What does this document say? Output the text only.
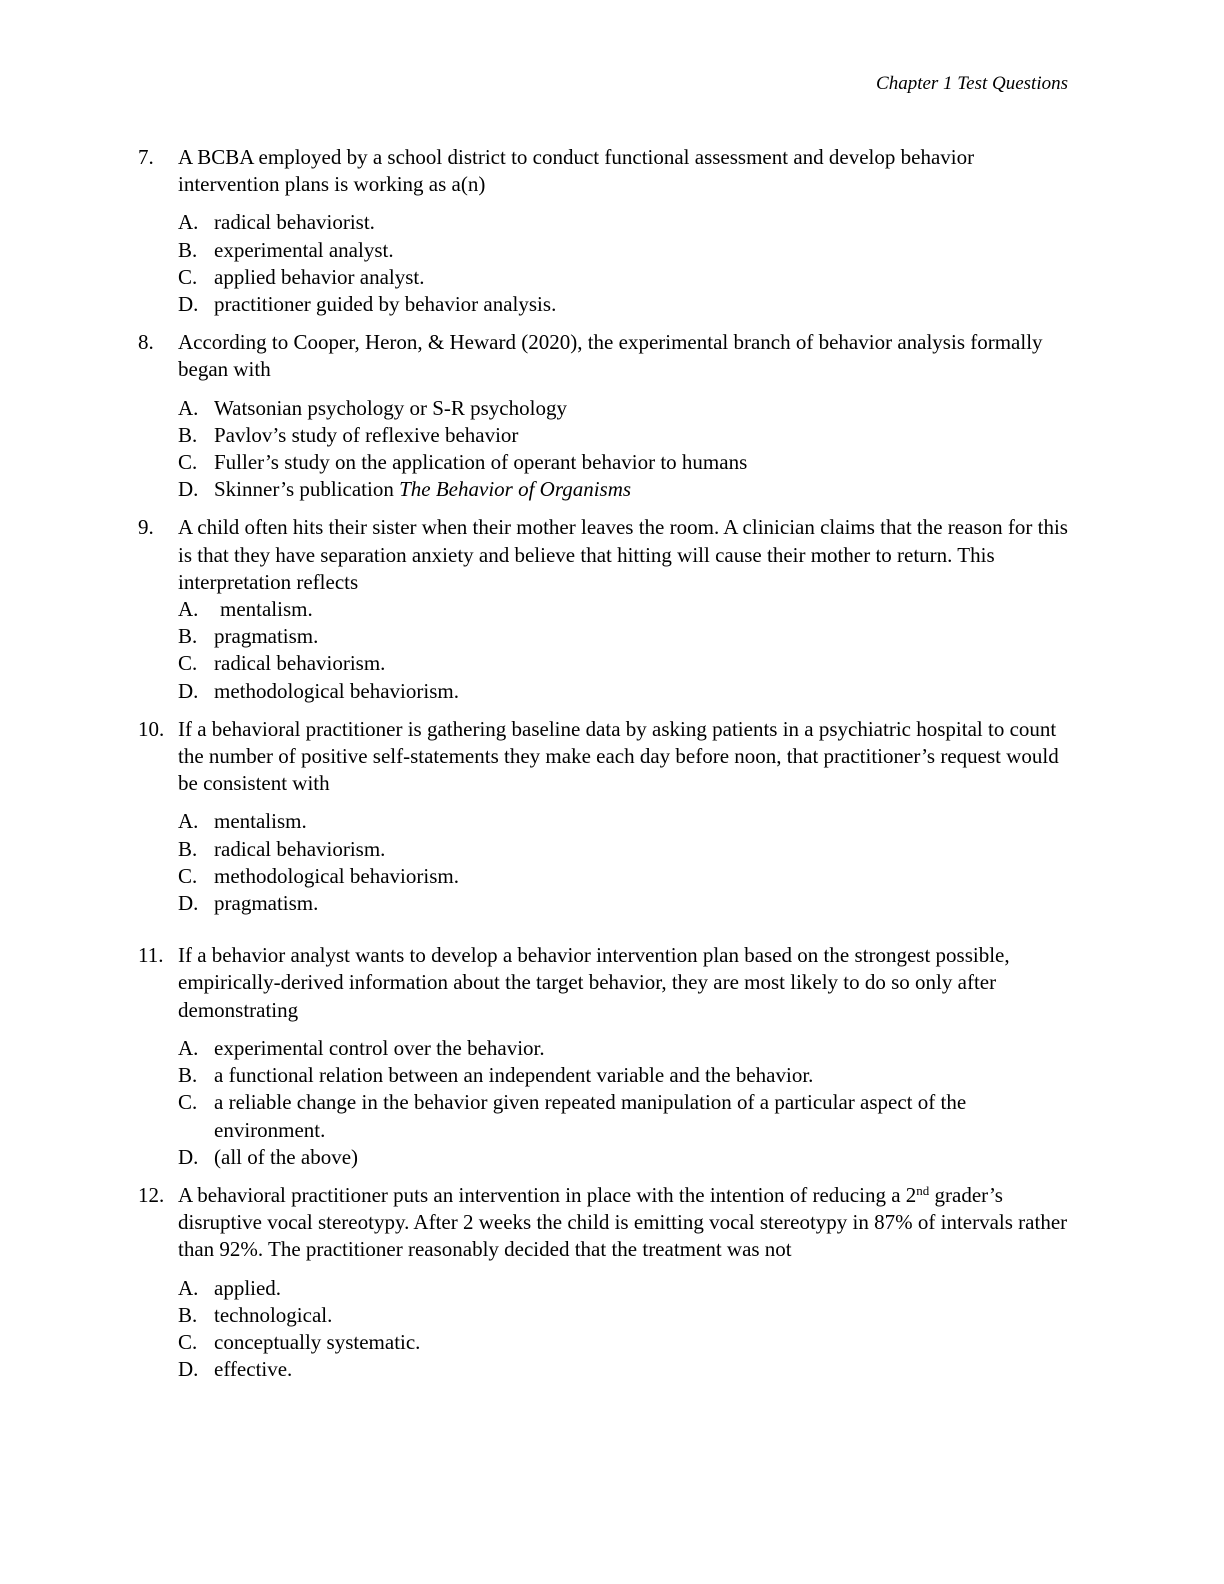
Chapter 1 Test Questions
7.	A BCBA employed by a school district to conduct functional assessment and develop behavior intervention plans is working as a(n)
A. radical behaviorist.
B. experimental analyst.
C. applied behavior analyst.
D. practitioner guided by behavior analysis.
8.	According to Cooper, Heron, & Heward (2020), the experimental branch of behavior analysis formally began with
A. Watsonian psychology or S-R psychology
B. Pavlov’s study of reflexive behavior
C. Fuller’s study on the application of operant behavior to humans
D. Skinner’s publication The Behavior of Organisms
9.	A child often hits their sister when their mother leaves the room. A clinician claims that the reason for this is that they have separation anxiety and believe that hitting will cause their mother to return. This interpretation reflects
A.	mentalism.
B. pragmatism.
C. radical behaviorism.
D. methodological behaviorism.
10. If a behavioral practitioner is gathering baseline data by asking patients in a psychiatric hospital to count the number of positive self-statements they make each day before noon, that practitioner’s request would be consistent with
A. mentalism.
B. radical behaviorism.
C. methodological behaviorism.
D. pragmatism.
11. If a behavior analyst wants to develop a behavior intervention plan based on the strongest possible, empirically-derived information about the target behavior, they are most likely to do so only after demonstrating
A. experimental control over the behavior.
B. a functional relation between an independent variable and the behavior.
C. a reliable change in the behavior given repeated manipulation of a particular aspect of the environment.
D. (all of the above)
12. A behavioral practitioner puts an intervention in place with the intention of reducing a 2nd grader’s disruptive vocal stereotypy. After 2 weeks the child is emitting vocal stereotypy in 87% of intervals rather than 92%. The practitioner reasonably decided that the treatment was not
A. applied.
B. technological.
C. conceptually systematic.
D. effective.
